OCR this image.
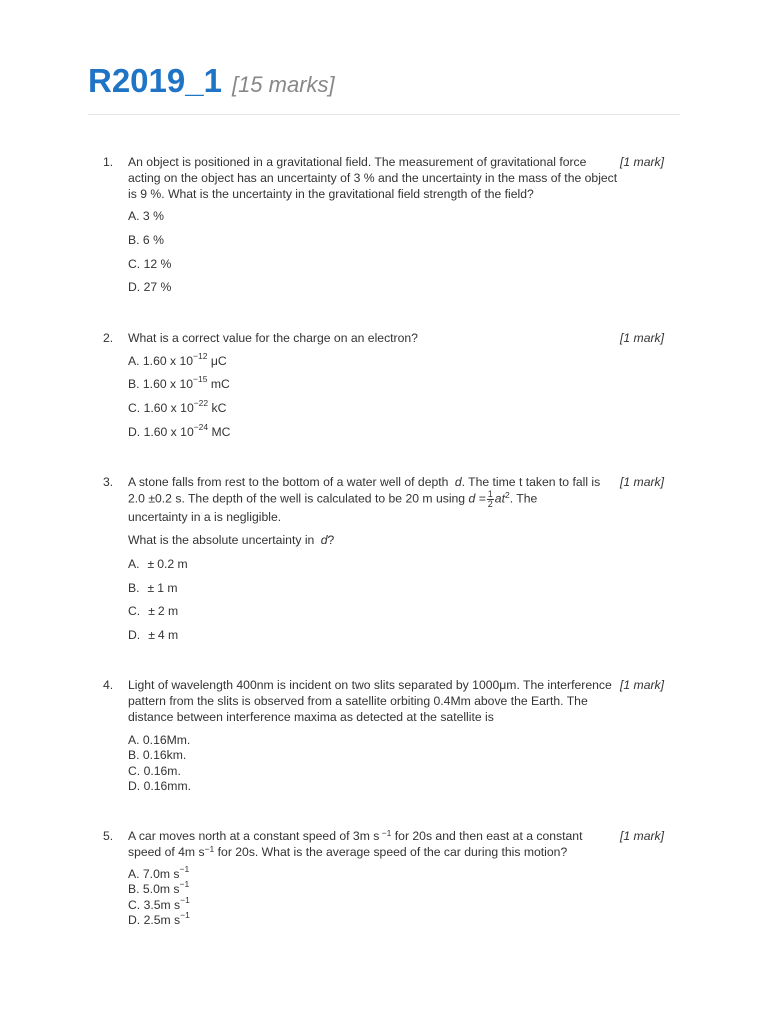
R2019_1 [15 marks]
1. An object is positioned in a gravitational field. The measurement of gravitational force acting on the object has an uncertainty of 3 % and the uncertainty in the mass of the object is 9 %. What is the uncertainty in the gravitational field strength of the field?
[1 mark]
A. 3 %
B. 6 %
C. 12 %
D. 27 %
2. What is a correct value for the charge on an electron?	[1 mark]
A. 1.60 x $10^{-12}$ μC
B. 1.60 x $10^{-15}$ mC
C. 1.60 x $10^{-22}$ kC
D. 1.60 x $10^{-24}$ MC
3. A stone falls from rest to the bottom of a water well of depth d. The time t taken to fall is
2.0 ±0.2 s. The depth of the well is calculated to be 20 m using $d = \frac{1}{2} at^2$. The
uncertainty in a is negligible.
[1 mark]
What is the absolute uncertainty in d?
A. ± 0.2 m
B. ± 1 m
C. ± 2 m
D. ± 4 m
4. Light of wavelength 400nm is incident on two slits separated by 1000μm. The interference pattern from the slits is observed from a satellite orbiting 0.4Mm above the Earth. The distance between interference maxima as detected at the satellite is
[1 mark]
A. 0.16Mm.
B. 0.16km.
C. 0.16m.
D. 0.16mm.
5. A car moves north at a constant speed of 3m s $^{-1}$ for 20s and then east at a constant speed of 4m $s^{-1}$ for 20s. What is the average speed of the car during this motion?
[1 mark]
A. 7.0m $s^{-1}$
B. 5.0m $s^{-1}$
C. 3.5m $s^{-1}$
D. 2.5m $s^{-1}$
